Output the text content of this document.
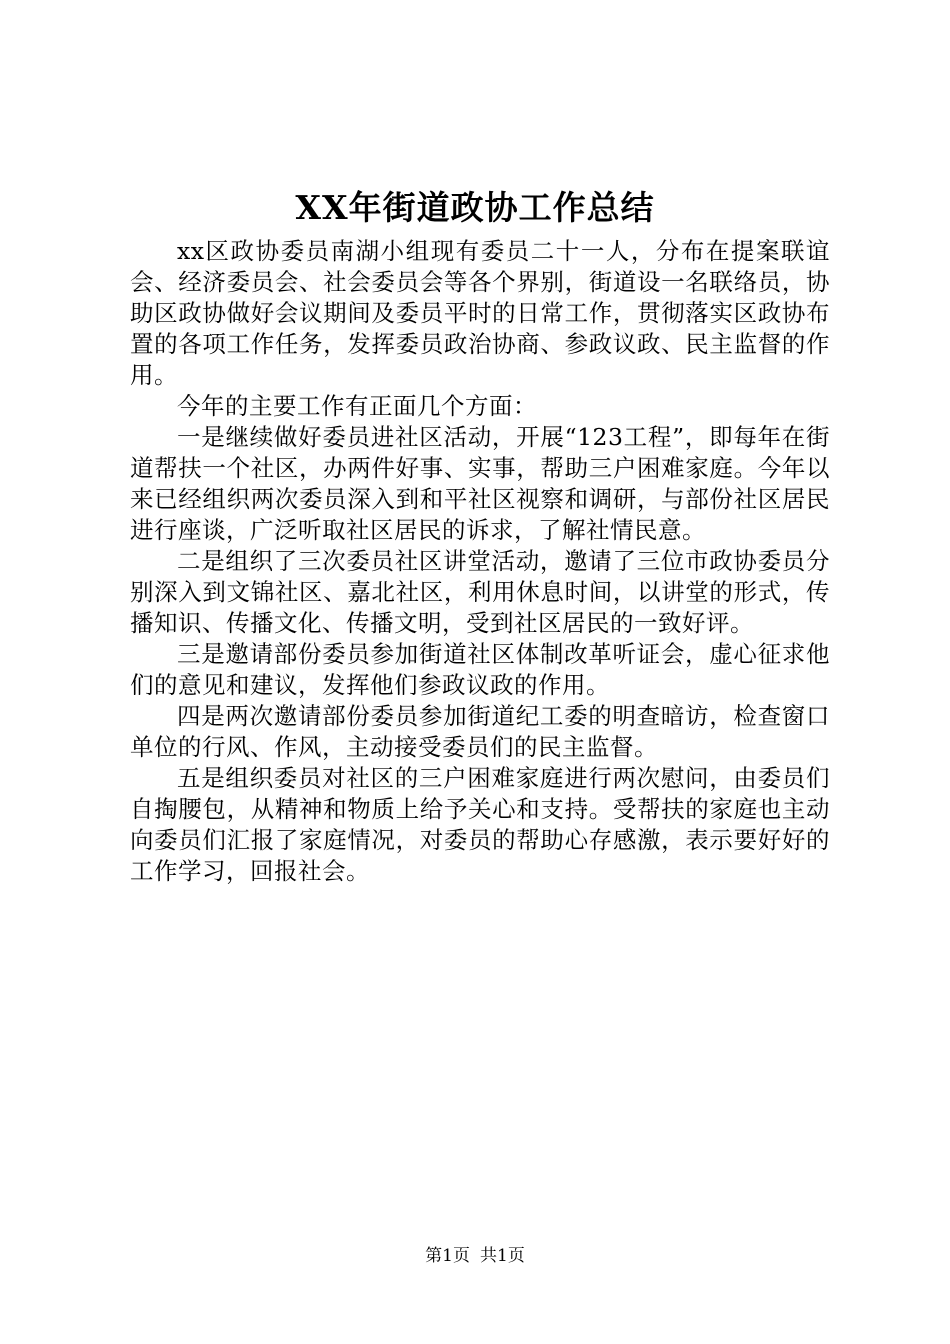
XX年街道政协工作总结

xx区政协委员南湖小组现有委员二十一人，分布在提案联谊会、经济委员会、社会委员会等各个界别，街道设一名联络员，协助区政协做好会议期间及委员平时的日常工作，贯彻落实区政协布置的各项工作任务，发挥委员政治协商、参政议政、民主监督的作用。

今年的主要工作有正面几个方面：

一是继续做好委员进社区活动，开展“123工程”，即每年在街道帮扶一个社区，办两件好事、实事，帮助三户困难家庭。今年以来已经组织两次委员深入到和平社区视察和调研，与部份社区居民进行座谈，广泛听取社区居民的诉求，了解社情民意。

二是组织了三次委员社区讲堂活动，邀请了三位市政协委员分别深入到文锦社区、嘉北社区，利用休息时间，以讲堂的形式，传播知识、传播文化、传播文明，受到社区居民的一致好评。

三是邀请部份委员参加街道社区体制改革听证会，虚心征求他们的意见和建议，发挥他们参政议政的作用。

四是两次邀请部份委员参加街道纪工委的明查暗访，检查窗口单位的行风、作风，主动接受委员们的民主监督。

五是组织委员对社区的三户困难家庭进行两次慰问，由委员们自掏腰包，从精神和物质上给予关心和支持。受帮扶的家庭也主动向委员们汇报了家庭情况，对委员的帮助心存感激，表示要好好的工作学习，回报社会。

第1页 共1页
